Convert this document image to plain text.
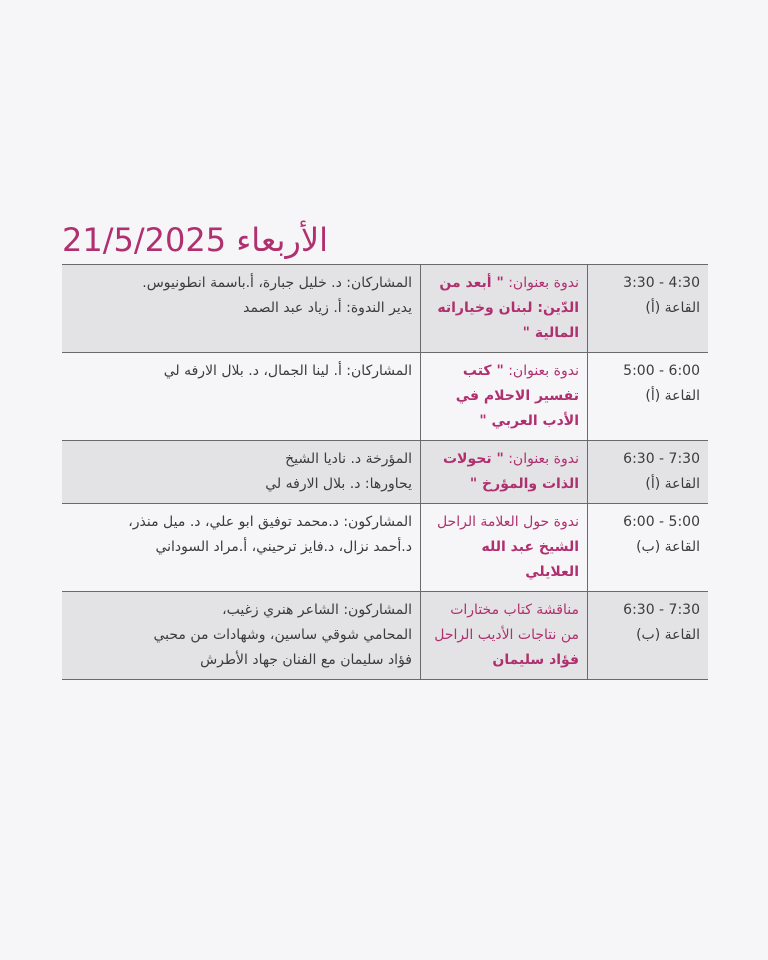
الأربعاء 21/5/2025
3:30 - 4:30
القاعة (أ)	ندوة بعنوان: " أبعد من الدّين: لبنان وخياراته المالية "	المشاركان: د. خليل جبارة، أ.باسمة انطونيوس.
يدير الندوة: أ. زياد عبد الصمد

5:00 - 6:00
القاعة (أ)	ندوة بعنوان: " كتب تفسير الاحلام في الأدب العربي "	المشاركان: أ. لينا الجمال، د. بلال الارفه لي

6:30 - 7:30
القاعة (أ)	ندوة بعنوان: " تحولات الذات والمؤرخ "	المؤرخة د. ناديا الشيخ
يحاورها: د. بلال الارفه لي

6:00 - 5:00
القاعة (ب)	ندوة حول العلامة الراحل الشيخ عبد الله العلايلي	المشاركون: د.محمد توفيق ابو علي، د. ميل منذر،
د.أحمد نزال، د.فايز ترحيني، أ.مراد السوداني

6:30 - 7:30
القاعة (ب)	مناقشة كتاب مختارات من نتاجات الأديب الراحل فؤاد سليمان	المشاركون: الشاعر هنري زغيب،
المحامي شوقي ساسين، وشهادات من محبي
فؤاد سليمان مع الفنان جهاد الأطرش
